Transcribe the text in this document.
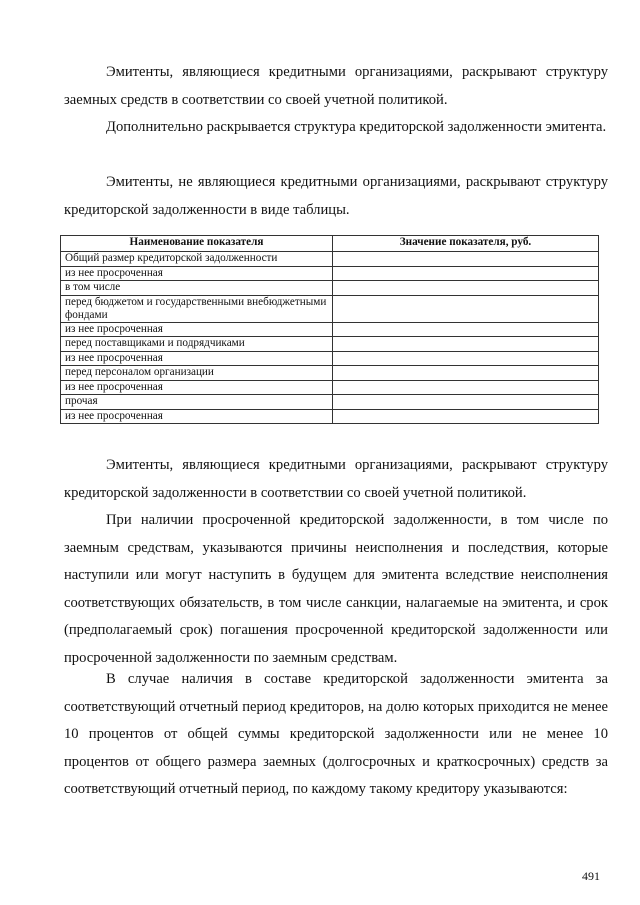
Эмитенты, являющиеся кредитными организациями, раскрывают структуру заемных средств в соответствии со своей учетной политикой.

Дополнительно раскрывается структура кредиторской задолженности эмитента.

Эмитенты, не являющиеся кредитными организациями, раскрывают структуру кредиторской задолженности в виде таблицы.

Наименование показателя	Значение показателя, руб.
Общий размер кредиторской задолженности	
из нее просроченная	
в том числе	
перед бюджетом и государственными внебюджетными фондами	
из нее просроченная	
перед поставщиками и подрядчиками	
из нее просроченная	
перед персоналом организации	
из нее просроченная	
прочая	
из нее просроченная	

Эмитенты, являющиеся кредитными организациями, раскрывают структуру кредиторской задолженности в соответствии со своей учетной политикой.

При наличии просроченной кредиторской задолженности, в том числе по заемным средствам, указываются причины неисполнения и последствия, которые наступили или могут наступить в будущем для эмитента вследствие неисполнения соответствующих обязательств, в том числе санкции, налагаемые на эмитента, и срок (предполагаемый срок) погашения просроченной кредиторской задолженности или просроченной задолженности по заемным средствам.

В случае наличия в составе кредиторской задолженности эмитента за соответствующий отчетный период кредиторов, на долю которых приходится не менее 10 процентов от общей суммы кредиторской задолженности или не менее 10 процентов от общего размера заемных (долгосрочных и краткосрочных) средств за соответствующий отчетный период, по каждому такому кредитору указываются:

491
